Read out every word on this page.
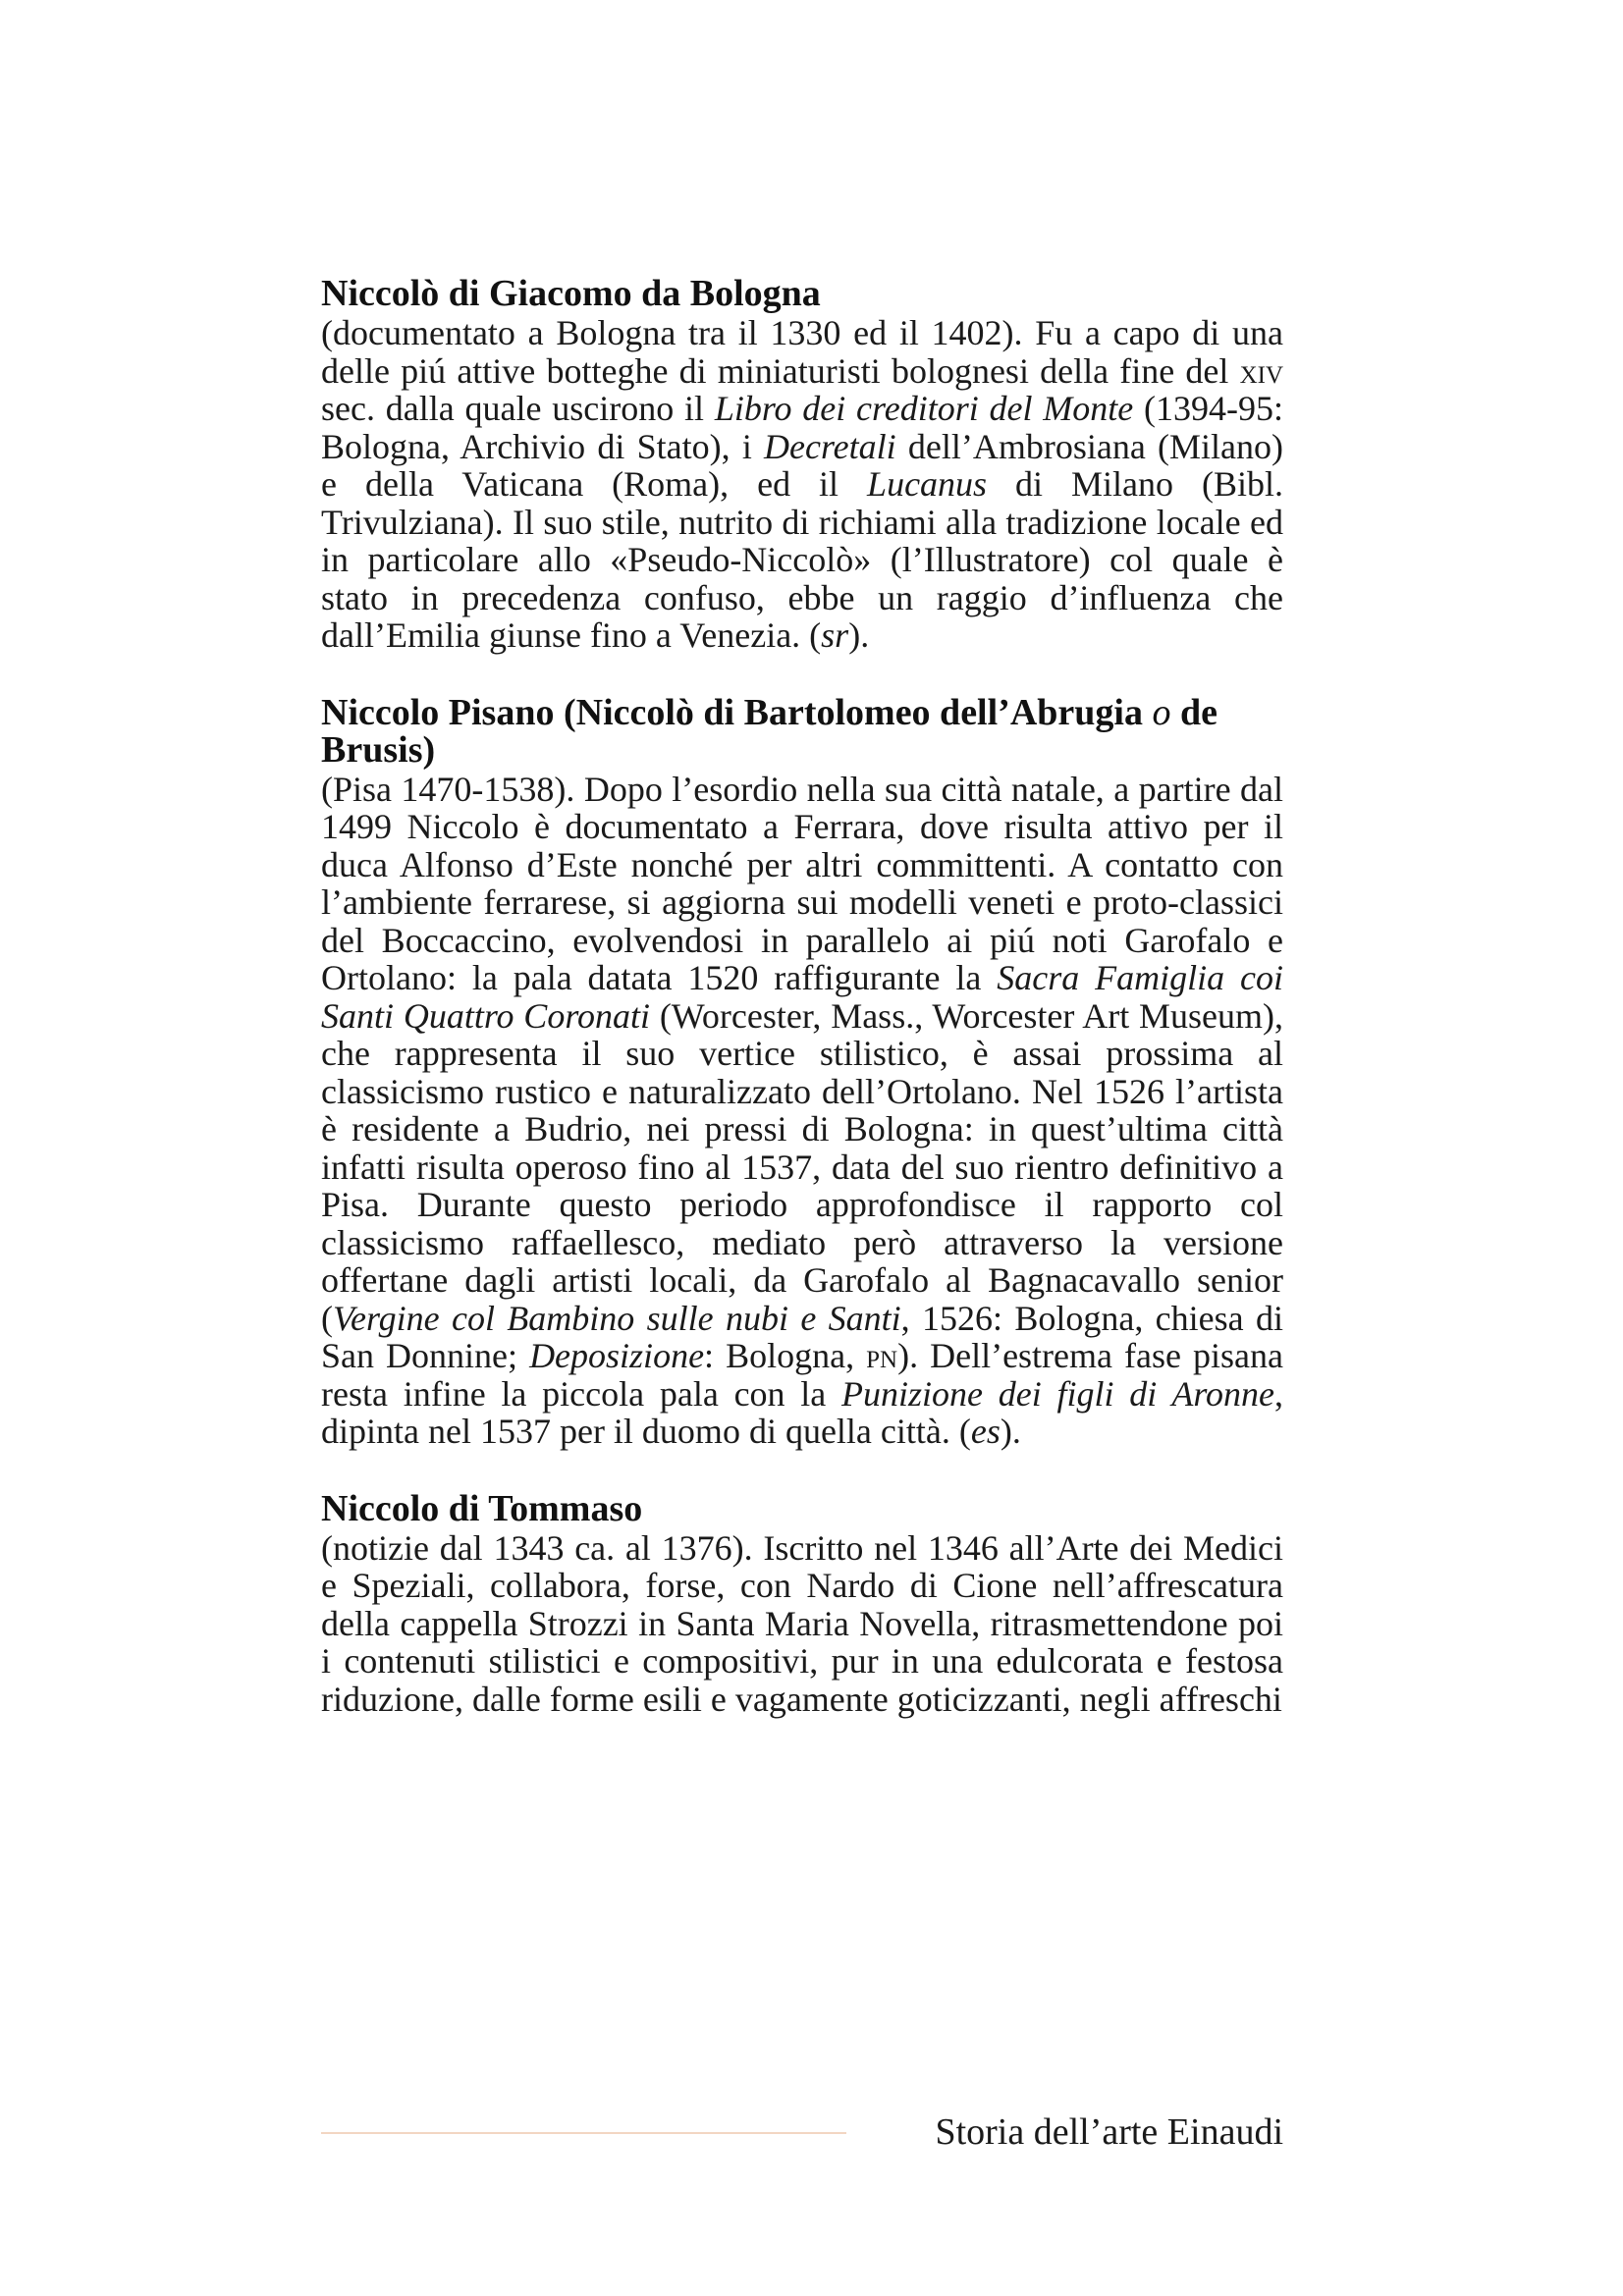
Niccolò di Giacomo da Bologna

(documentato a Bologna tra il 1330 ed il 1402). Fu a capo di una delle piú attive botteghe di miniaturisti bolognesi della fine del xiv sec. dalla quale uscirono il Libro dei creditori del Monte (1394-95: Bologna, Archivio di Stato), i Decretali dell’Ambrosiana (Milano) e della Vaticana (Roma), ed il Lucanus di Milano (Bibl. Trivulziana). Il suo stile, nutrito di richiami alla tradizione locale ed in particolare allo «Pseudo-Niccolò» (l’Illustratore) col quale è stato in precedenza confuso, ebbe un raggio d’influenza che dall’Emilia giunse fino a Venezia. (sr).

Niccolo Pisano (Niccolò di Bartolomeo dell’Abrugia o de Brusis)

(Pisa 1470-1538). Dopo l’esordio nella sua città natale, a partire dal 1499 Niccolo è documentato a Ferrara, dove risulta attivo per il duca Alfonso d’Este nonché per altri committenti. A contatto con l’ambiente ferrarese, si aggiorna sui modelli veneti e proto-classici del Boccaccino, evolvendosi in parallelo ai piú noti Garofalo e Ortolano: la pala datata 1520 raffigurante la Sacra Famiglia coi Santi Quattro Coronati (Worcester, Mass., Worcester Art Museum), che rappresenta il suo vertice stilistico, è assai prossima al classicismo rustico e naturalizzato dell’Ortolano. Nel 1526 l’artista è residente a Budrio, nei pressi di Bologna: in quest’ultima città infatti risulta operoso fino al 1537, data del suo rientro definitivo a Pisa. Durante questo periodo approfondisce il rapporto col classicismo raffaellesco, mediato però attraverso la versione offertane dagli artisti locali, da Garofalo al Bagnacavallo senior (Vergine col Bambino sulle nubi e Santi, 1526: Bologna, chiesa di San Donnine; Deposizione: Bologna, pn). Dell’estrema fase pisana resta infine la piccola pala con la Punizione dei figli di Aronne, dipinta nel 1537 per il duomo di quella città. (es).

Niccolo di Tommaso

(notizie dal 1343 ca. al 1376). Iscritto nel 1346 all’Arte dei Medici e Speziali, collabora, forse, con Nardo di Cione nell’affrescatura della cappella Strozzi in Santa Maria Novella, ritrasmettendone poi i contenuti stilistici e compositivi, pur in una edulcorata e festosa riduzione, dalle forme esili e vagamente goticizzanti, negli affreschi

Storia dell’arte Einaudi
